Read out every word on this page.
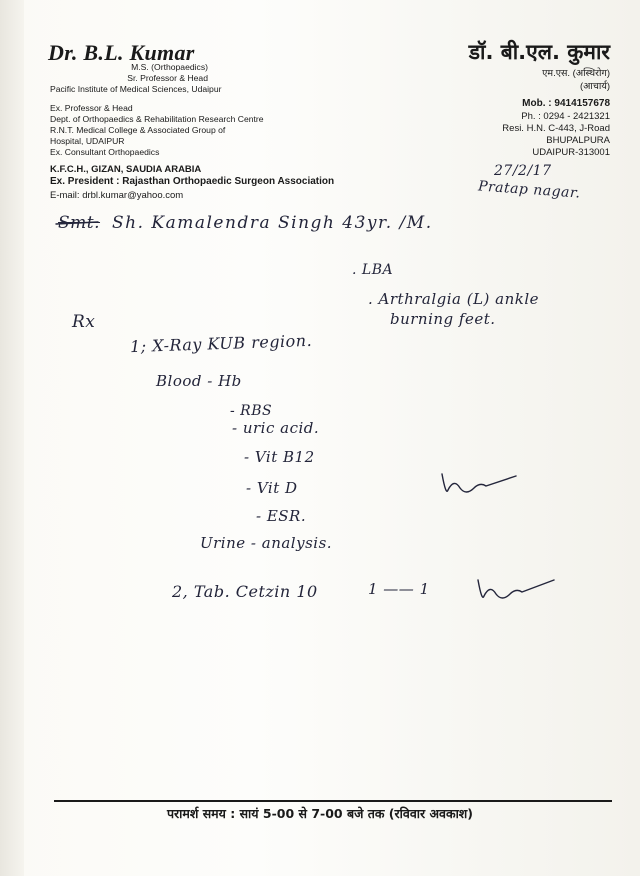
Dr. B.L. Kumar
M.S. (Orthopaedics)
Sr. Professor & Head
Pacific Institute of Medical Sciences, Udaipur
Ex. Professor & Head
Dept. of Orthopaedics & Rehabilitation Research Centre
R.N.T. Medical College & Associated Group of
Hospital, UDAIPUR
Ex. Consultant Orthopaedics
K.F.C.H., GIZAN, SAUDIA ARABIA
Ex. President : Rajasthan Orthopaedic Surgeon Association
E-mail: drbl.kumar@yahoo.com
डॉ. बी.एल. कुमार
एम.एस. (अस्थिरोग)
(आचार्य)
Mob. : 9414157678
Ph. : 0294 - 2421321
Resi. H.N. C-443, J-Road
BHUPALPURA
UDAIPUR-313001
27/2/17
Pratap nagar.
Smt. Sh. Kamalendra Singh 43yr. /M.
. LBA
. Arthralgia (L) ankle
burning feet.
Rx
1; X-Ray KUB region.
Blood - Hb
- RBS
- uric acid.
- Vit B12
- Vit D
- ESR.
Urine - analysis.
2, Tab. Cetzin 10	1 —— 1
परामर्श समय : सायं 5-00 से 7-00 बजे तक (रविवार अवकाश)
